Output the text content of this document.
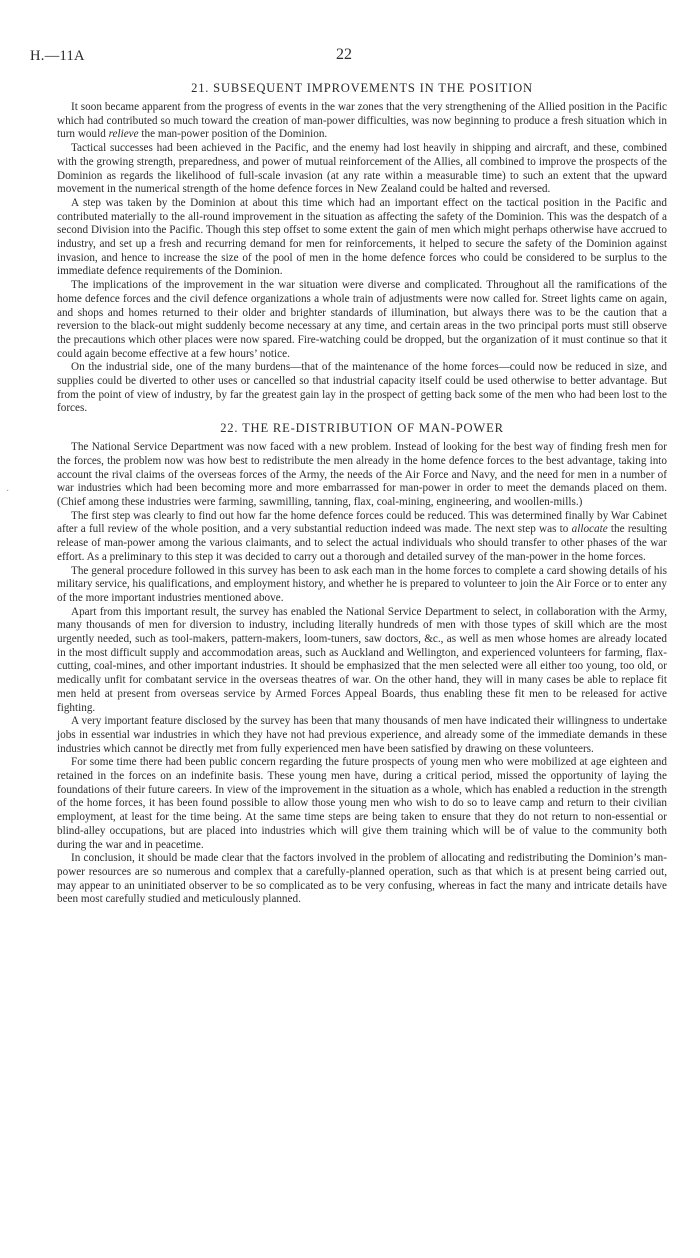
H.—11A	22
·
21. SUBSEQUENT IMPROVEMENTS IN THE POSITION

It soon became apparent from the progress of events in the war zones that the very strengthening of the Allied position in the Pacific which had contributed so much toward the creation of man-power difficulties, was now beginning to produce a fresh situation which in turn would relieve the man-power position of the Dominion.

Tactical successes had been achieved in the Pacific, and the enemy had lost heavily in shipping and aircraft, and these, combined with the growing strength, preparedness, and power of mutual reinforcement of the Allies, all combined to improve the prospects of the Dominion as regards the likelihood of full-scale invasion (at any rate within a measurable time) to such an extent that the upward movement in the numerical strength of the home defence forces in New Zealand could be halted and reversed.

A step was taken by the Dominion at about this time which had an important effect on the tactical position in the Pacific and contributed materially to the all-round improvement in the situation as affecting the safety of the Dominion. This was the despatch of a second Division into the Pacific. Though this step offset to some extent the gain of men which might perhaps otherwise have accrued to industry, and set up a fresh and recurring demand for men for reinforcements, it helped to secure the safety of the Dominion against invasion, and hence to increase the size of the pool of men in the home defence forces who could be considered to be surplus to the immediate defence requirements of the Dominion.

The implications of the improvement in the war situation were diverse and complicated. Throughout all the ramifications of the home defence forces and the civil defence organizations a whole train of adjustments were now called for. Street lights came on again, and shops and homes returned to their older and brighter standards of illumination, but always there was to be the caution that a reversion to the black-out might suddenly become necessary at any time, and certain areas in the two principal ports must still observe the precautions which other places were now spared. Fire-watching could be dropped, but the organization of it must continue so that it could again become effective at a few hours’ notice.

On the industrial side, one of the many burdens—that of the maintenance of the home forces—could now be reduced in size, and supplies could be diverted to other uses or cancelled so that industrial capacity itself could be used otherwise to better advantage. But from the point of view of industry, by far the greatest gain lay in the prospect of getting back some of the men who had been lost to the forces.

22. THE RE-DISTRIBUTION OF MAN-POWER

The National Service Department was now faced with a new problem. Instead of looking for the best way of finding fresh men for the forces, the problem now was how best to redistribute the men already in the home defence forces to the best advantage, taking into account the rival claims of the overseas forces of the Army, the needs of the Air Force and Navy, and the need for men in a number of war industries which had been becoming more and more embarrassed for man-power in order to meet the demands placed on them. (Chief among these industries were farming, sawmilling, tanning, flax, coal-mining, engineering, and woollen-mills.)

The first step was clearly to find out how far the home defence forces could be reduced. This was determined finally by War Cabinet after a full review of the whole position, and a very substantial reduction indeed was made. The next step was to allocate the resulting release of man-power among the various claimants, and to select the actual individuals who should transfer to other phases of the war effort. As a preliminary to this step it was decided to carry out a thorough and detailed survey of the man-power in the home forces.

The general procedure followed in this survey has been to ask each man in the home forces to complete a card showing details of his military service, his qualifications, and employment history, and whether he is prepared to volunteer to join the Air Force or to enter any of the more important industries mentioned above.

Apart from this important result, the survey has enabled the National Service Department to select, in collaboration with the Army, many thousands of men for diversion to industry, including literally hundreds of men with those types of skill which are the most urgently needed, such as tool-makers, pattern-makers, loom-tuners, saw doctors, &c., as well as men whose homes are already located in the most difficult supply and accommodation areas, such as Auckland and Wellington, and experienced volunteers for farming, flax-cutting, coal-mines, and other important industries. It should be emphasized that the men selected were all either too young, too old, or medically unfit for combatant service in the overseas theatres of war. On the other hand, they will in many cases be able to replace fit men held at present from overseas service by Armed Forces Appeal Boards, thus enabling these fit men to be released for active fighting.

A very important feature disclosed by the survey has been that many thousands of men have indicated their willingness to undertake jobs in essential war industries in which they have not had previous experience, and already some of the immediate demands in these industries which cannot be directly met from fully experienced men have been satisfied by drawing on these volunteers.

For some time there had been public concern regarding the future prospects of young men who were mobilized at age eighteen and retained in the forces on an indefinite basis. These young men have, during a critical period, missed the opportunity of laying the foundations of their future careers. In view of the improvement in the situation as a whole, which has enabled a reduction in the strength of the home forces, it has been found possible to allow those young men who wish to do so to leave camp and return to their civilian employment, at least for the time being. At the same time steps are being taken to ensure that they do not return to non-essential or blind-alley occupations, but are placed into industries which will give them training which will be of value to the community both during the war and in peacetime.

In conclusion, it should be made clear that the factors involved in the problem of allocating and redistributing the Dominion’s man-power resources are so numerous and complex that a carefully-planned operation, such as that which is at present being carried out, may appear to an uninitiated observer to be so complicated as to be very confusing, whereas in fact the many and intricate details have been most carefully studied and meticulously planned.
